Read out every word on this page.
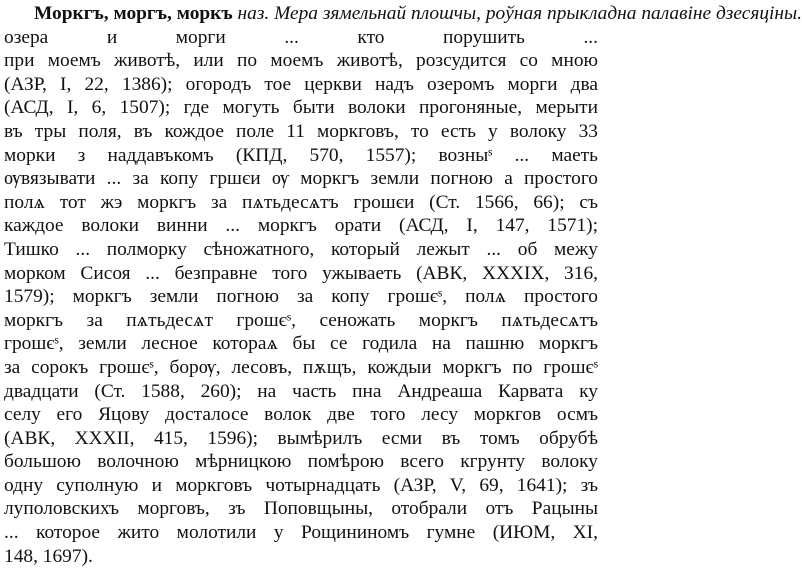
Моркгъ, моргъ, моркъ наз. Мера зямельнай плошчы, роўная прыкладна палавіне дзесяціны.
озера и морги ... кто порушить ...
при моемъ животѣ, или по моемъ животѣ, розсудится со мною
(АЗР, I, 22, 1386); огородъ тое церкви надъ озеромъ морги два
(АСД, I, 6, 1507); где могуть быти волоки прогоняные, мерыти
въ тры поля, въ кождое поле 11 моркговъ, то есть у волоку 33
морки з наддавъкомъ (КПД, 570, 1557); возныˢ ... маеть
ѹвязывати ... за копу гршєи ѹ моркгъ земли погною а простого
полѧ тот жэ моркгъ за пѧтьдесѧтъ грошєи (Ст. 1566, 66); съ
каждое волоки винни ... моркгъ орати (АСД, I, 147, 1571);
Тишко ... полморку сѣножатного, который лежыт ... об межу
морком Сисоя ... безправне того ужываеть (АВК, XXXIX, 316,
1579); моркгъ земли погною за копу грошєˢ, полѧ простого
моркгъ за пѧтьдесѧт грошєˢ, сеножать моркгъ пѧтьдесѧтъ
грошєˢ, земли лесное котораѧ бы се годила на пашню моркгъ
за сорокъ грошєˢ, борѹ, лесовъ, пѫщъ, кождыи моркгъ по грошєˢ
двадцати (Ст. 1588, 260); на часть пна Андреаша Карвата ку
селу его Яцову досталосе волок две того лесу моркгов осмъ
(АВК, XXXII, 415, 1596); вымѣрилъ есми въ томъ обрубѣ
большою волочною мѣрницкою помѣрою всего кгрунту волоку
одну суполную и моркговъ чотырнадцать (АЗР, V, 69, 1641); зъ
луполовскихъ морговъ, зъ Поповщыны, отобрали отъ Рацыны
... которое жито молотили у Рощининомъ гумне (ИЮМ, XI,
148, 1697).
